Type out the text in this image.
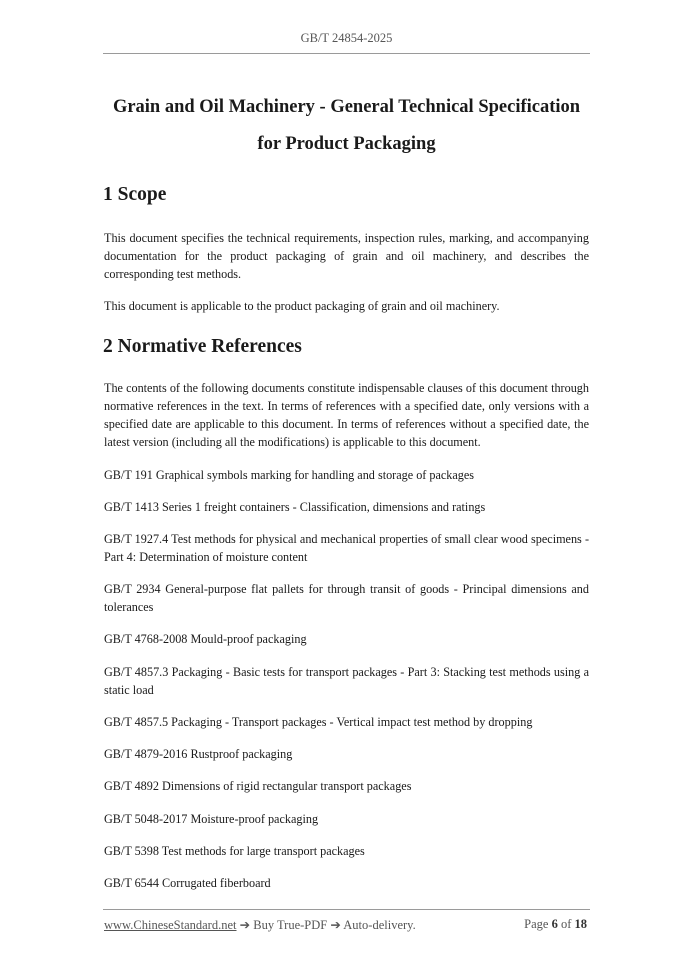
GB/T 24854-2025
Grain and Oil Machinery - General Technical Specification
for Product Packaging
1 Scope

This document specifies the technical requirements, inspection rules, marking, and accompanying documentation for the product packaging of grain and oil machinery, and describes the corresponding test methods.

This document is applicable to the product packaging of grain and oil machinery.

2 Normative References

The contents of the following documents constitute indispensable clauses of this document through normative references in the text. In terms of references with a specified date, only versions with a specified date are applicable to this document. In terms of references without a specified date, the latest version (including all the modifications) is applicable to this document.

GB/T 191 Graphical symbols marking for handling and storage of packages

GB/T 1413 Series 1 freight containers - Classification, dimensions and ratings

GB/T 1927.4 Test methods for physical and mechanical properties of small clear wood specimens - Part 4: Determination of moisture content

GB/T 2934 General-purpose flat pallets for through transit of goods - Principal dimensions and tolerances

GB/T 4768-2008 Mould-proof packaging

GB/T 4857.3 Packaging - Basic tests for transport packages - Part 3: Stacking test methods using a static load

GB/T 4857.5 Packaging - Transport packages - Vertical impact test method by dropping

GB/T 4879-2016 Rustproof packaging

GB/T 4892 Dimensions of rigid rectangular transport packages

GB/T 5048-2017 Moisture-proof packaging

GB/T 5398 Test methods for large transport packages

GB/T 6544 Corrugated fiberboard

www.ChineseStandard.net ➔ Buy True-PDF ➔ Auto-delivery.	Page 6 of 18
